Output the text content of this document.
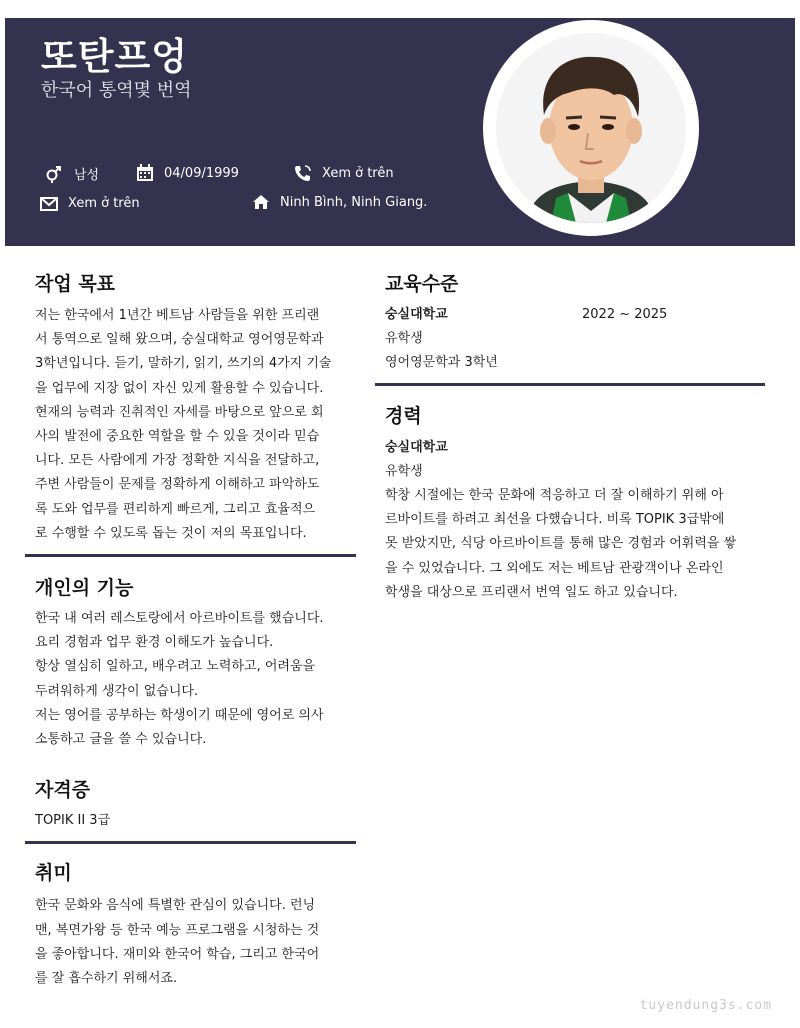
또탄프엉
한국어 통역몇 번역
남성	04/09/1999	Xem ở trên
Xem ở trên	Ninh Bình, Ninh Giang.
작업 목표
저는 한국에서 1년간 베트남 사람들을 위한 프리랜
서 통역으로 일해 왔으며, 숭실대학교 영어영문학과
3학년입니다. 듣기, 말하기, 읽기, 쓰기의 4가지 기술
을 업무에 지장 없이 자신 있게 활용할 수 있습니다.
현재의 능력과 진취적인 자세를 바탕으로 앞으로 회
사의 발전에 중요한 역할을 할 수 있을 것이라 믿습
니다. 모든 사람에게 가장 정확한 지식을 전달하고,
주변 사람들이 문제를 정확하게 이해하고 파악하도
록 도와 업무를 편리하게 빠르게, 그리고 효율적으
로 수행할 수 있도록 돕는 것이 저의 목표입니다.
개인의 기능
한국 내 여러 레스토랑에서 아르바이트를 했습니다.
요리 경험과 업무 환경 이해도가 높습니다.
항상 열심히 일하고, 배우려고 노력하고, 어려움을
두려워하게 생각이 없습니다.
저는 영어를 공부하는 학생이기 때문에 영어로 의사
소통하고 글을 쓸 수 있습니다.
자격증
TOPIK II 3급
취미
한국 문화와 음식에 특별한 관심이 있습니다. 런닝
맨, 복면가왕 등 한국 예능 프로그램을 시청하는 것
을 좋아합니다. 재미와 한국어 학습, 그리고 한국어
를 잘 흡수하기 위해서죠.
교육수준
숭실대학교	2022 ~ 2025
유학생
영어영문학과 3학년
경력
숭실대학교
유학생
학창 시절에는 한국 문화에 적응하고 더 잘 이해하기 위해 아
르바이트를 하려고 최선을 다했습니다. 비록 TOPIK 3급밖에
못 받았지만, 식당 아르바이트를 통해 많은 경험과 어휘력을 쌓
을 수 있었습니다. 그 외에도 저는 베트남 관광객이나 온라인
학생을 대상으로 프리랜서 번역 일도 하고 있습니다.
tuyendung3s.com
